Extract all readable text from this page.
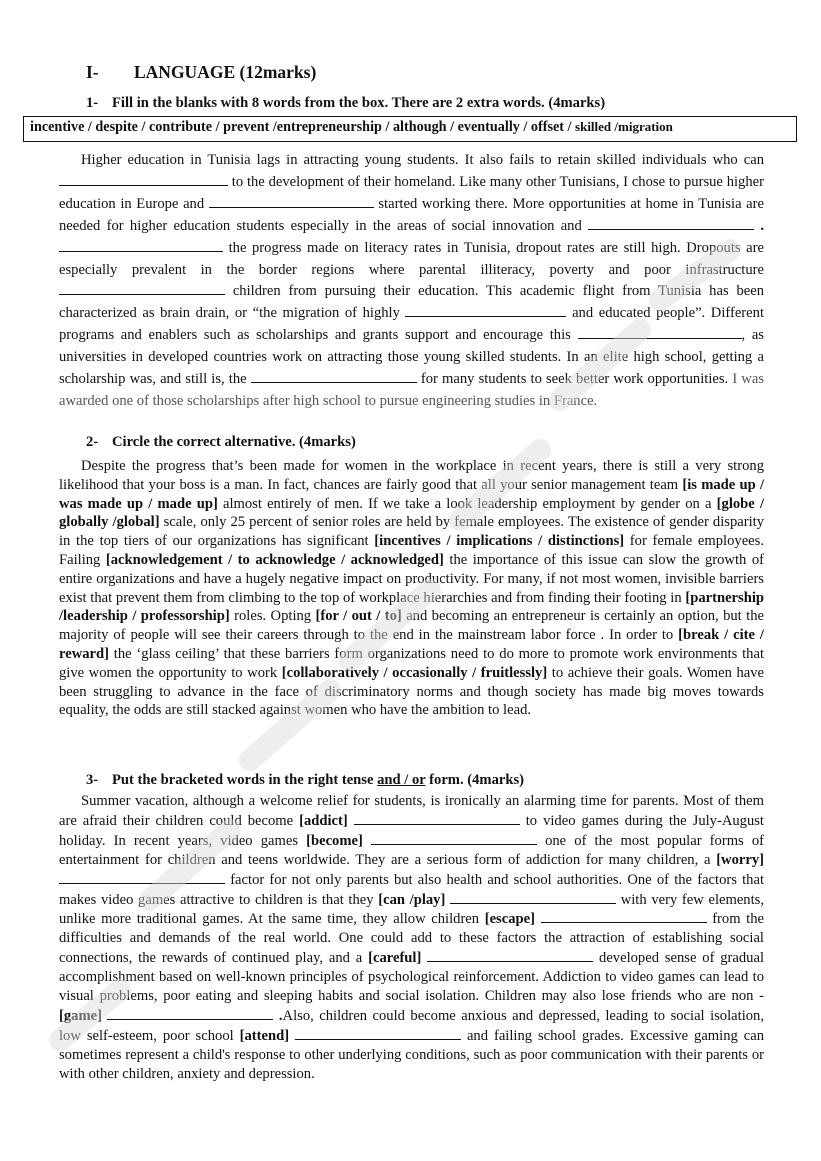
I- LANGUAGE (12marks)
1- Fill in the blanks with 8 words from the box. There are 2 extra words. (4marks)
incentive / despite / contribute / prevent /entrepreneurship / although / eventually / offset / skilled /migration
Higher education in Tunisia lags in attracting young students. It also fails to retain skilled individuals who can  to the development of their homeland. Like many other Tunisians, I chose to pursue higher education in Europe and	started working there. More opportunities at home in Tunisia are needed for higher education students especially in the areas of social innovation and	.  the progress made on literacy rates in Tunisia, dropout rates are still high. Dropouts are especially prevalent in the border regions where parental illiteracy, poverty and poor infrastructure  children from pursuing their education. This academic flight from Tunisia has been characterized as brain drain, or “the migration of highly	and educated people”. Different programs and enablers such as scholarships and grants support and encourage this	, as universities in developed countries work on attracting those young skilled students. In an elite high school, getting a scholarship was, and still is, the	for many students to seek better work opportunities. I was awarded one of those scholarships after high school to pursue engineering studies in France.
2- Circle the correct alternative. (4marks)
Despite the progress that’s been made for women in the workplace in recent years, there is still a very strong likelihood that your boss is a man. In fact, chances are fairly good that all your senior management team [is made up / was made up / made up] almost entirely of men. If we take a look leadership employment by gender on a [globe / globally /global] scale, only 25 percent of senior roles are held by female employees. The existence of gender disparity in the top tiers of our organizations has significant [incentives / implications / distinctions] for female employees. Failing [acknowledgement / to acknowledge / acknowledged] the importance of this issue can slow the growth of entire organizations and have a hugely negative impact on productivity. For many, if not most women, invisible barriers exist that prevent them from climbing to the top of workplace hierarchies and from finding their footing in [partnership /leadership / professorship] roles. Opting [for / out / to] and becoming an entrepreneur is certainly an option, but the majority of people will see their careers through to the end in the mainstream labor force . In order to [break / cite / reward] the ‘glass ceiling’ that these barriers form organizations need to do more to promote work environments that give women the opportunity to work [collaboratively / occasionally / fruitlessly] to achieve their goals. Women have been struggling to advance in the face of discriminatory norms and though society has made big moves towards equality, the odds are still stacked against women who have the ambition to lead.
3- Put the bracketed words in the right tense and / or form. (4marks)
Summer vacation, although a welcome relief for students, is ironically an alarming time for parents. Most of them are afraid their children could become [addict]	to video games during the July-August holiday. In recent years, video games [become]	one of the most popular forms of entertainment for children and teens worldwide. They are a serious form of addiction for many children, a [worry]  factor for not only parents but also health and school authorities. One of the factors that makes video games attractive to children is that they [can /play]	with very few elements, unlike more traditional games. At the same time, they allow children [escape]	from the difficulties and demands of the real world. One could add to these factors the attraction of establishing social connections, the rewards of continued play, and a [careful]	developed sense of gradual accomplishment based on well-known principles of psychological reinforcement. Addiction to video games can lead to visual problems, poor eating and sleeping habits and social isolation. Children may also lose friends who are non - [game]	.Also, children could become anxious and depressed, leading to social isolation, low self-esteem, poor school [attend]	and failing school grades. Excessive gaming can sometimes represent a child's response to other underlying conditions, such as poor communication with their parents or with other children, anxiety and depression.
